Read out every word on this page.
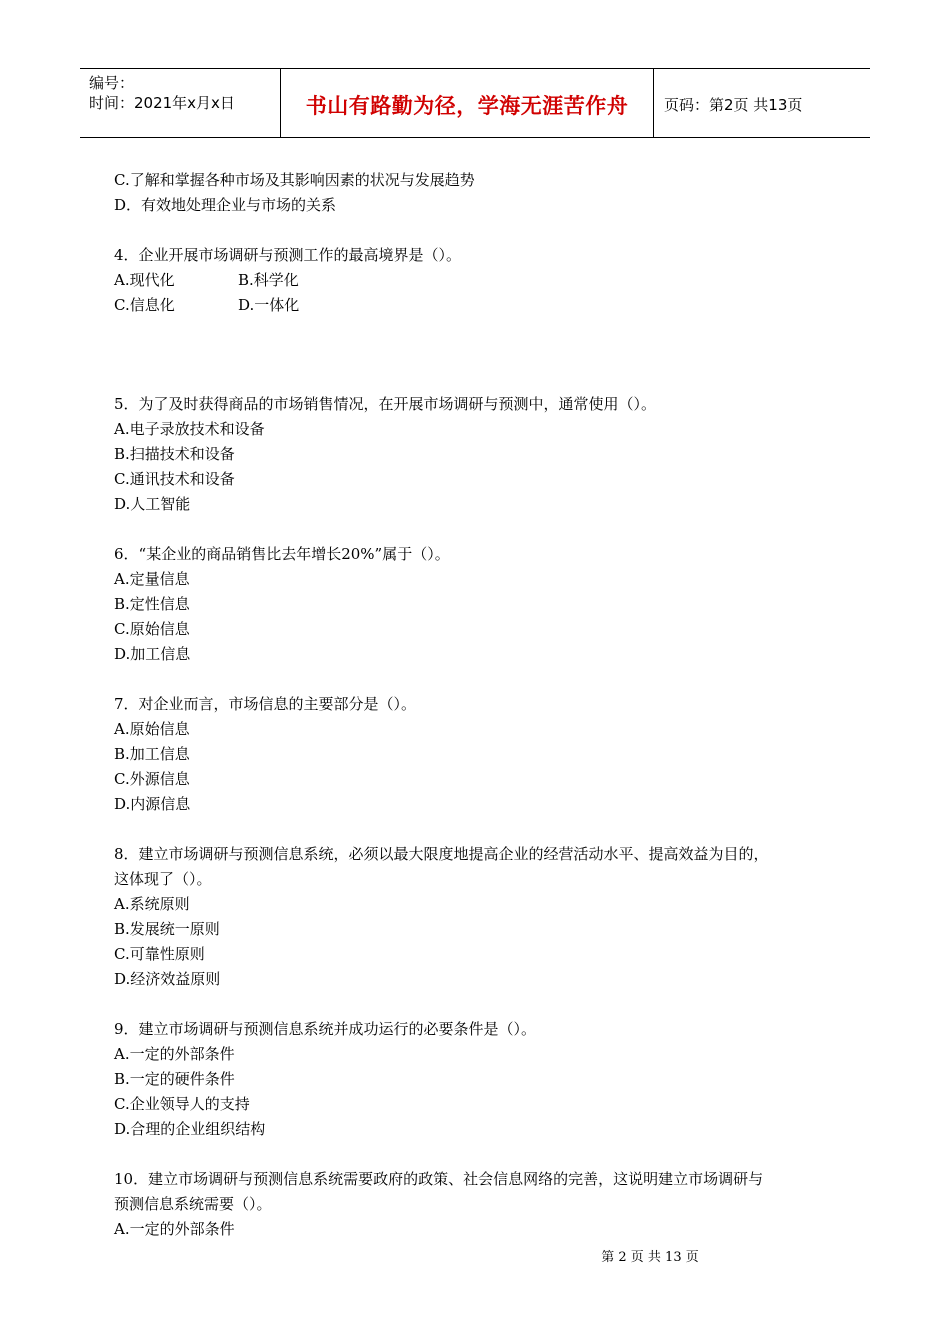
编号：
时间：2021年x月x日	书山有路勤为径，学海无涯苦作舟	页码：第2页 共13页
C.了解和掌握各种市场及其影响因素的状况与发展趋势
D．有效地处理企业与市场的关系
4．企业开展市场调研与预测工作的最高境界是（）。
A.现代化	B.科学化
C.信息化	D.一体化
5．为了及时获得商品的市场销售情况，在开展市场调研与预测中，通常使用（）。
A.电子录放技术和设备
B.扫描技术和设备
C.通讯技术和设备
D.人工智能
6．“某企业的商品销售比去年增长20%”属于（）。
A.定量信息
B.定性信息
C.原始信息
D.加工信息
7．对企业而言，市场信息的主要部分是（）。
A.原始信息
B.加工信息
C.外源信息
D.内源信息
8．建立市场调研与预测信息系统，必须以最大限度地提高企业的经营活动水平、提高效益为目的，
这体现了（）。
A.系统原则
B.发展统一原则
C.可靠性原则
D.经济效益原则
9．建立市场调研与预测信息系统并成功运行的必要条件是（）。
A.一定的外部条件
B.一定的硬件条件
C.企业领导人的支持
D.合理的企业组织结构
10．建立市场调研与预测信息系统需要政府的政策、社会信息网络的完善，这说明建立市场调研与
预测信息系统需要（）。
A.一定的外部条件
第 2 页 共 13 页
